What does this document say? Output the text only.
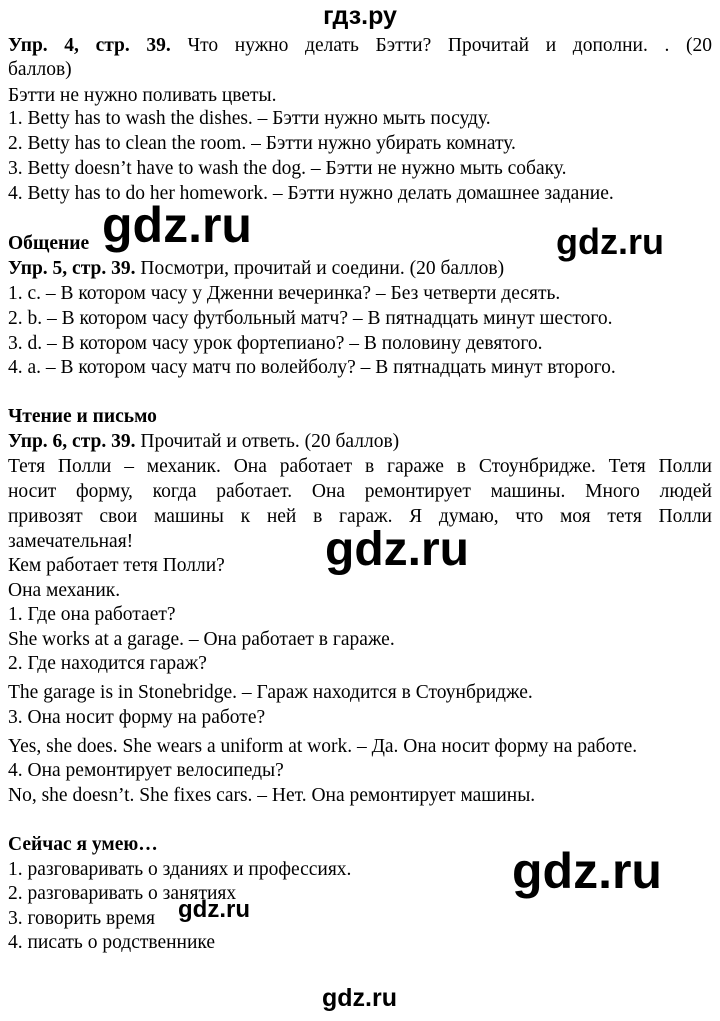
гдз.ру
Упр. 4, стр. 39. Что нужно делать Бэтти? Прочитай и дополни. . (20
баллов)
Бэтти не нужно поливать цветы.
1. Betty has to wash the dishes. – Бэтти нужно мыть посуду.
2. Betty has to clean the room. – Бэтти нужно убирать комнату.
3. Betty doesn’t have to wash the dog. – Бэтти не нужно мыть собаку.
4. Betty has to do her homework. – Бэтти нужно делать домашнее задание.
Общение
Упр. 5, стр. 39. Посмотри, прочитай и соедини. (20 баллов)
1. c. – В котором часу у Дженни вечеринка? – Без четверти десять.
2. b. – В котором часу футбольный матч? – В пятнадцать минут шестого.
3. d. – В котором часу урок фортепиано? – В половину девятого.
4. a. – В котором часу матч по волейболу? – В пятнадцать минут второго.
Чтение и письмо
Упр. 6, стр. 39. Прочитай и ответь. (20 баллов)
Тетя Полли – механик. Она работает в гараже в Стоунбридже. Тетя Полли
носит форму, когда работает. Она ремонтирует машины. Много людей
привозят свои машины к ней в гараж. Я думаю, что моя тетя Полли
замечательная!
Кем работает тетя Полли?
Она механик.
1. Где она работает?
She works at a garage. – Она работает в гараже.
2. Где находится гараж?
The garage is in Stonebridge. – Гараж находится в Стоунбридже.
3. Она носит форму на работе?
Yes, she does. She wears a uniform at work. – Да. Она носит форму на работе.
4. Она ремонтирует велосипеды?
No, she doesn’t. She fixes cars. – Нет. Она ремонтирует машины.
Сейчас я умею…
1. разговаривать о зданиях и профессиях.
2. разговаривать о занятиях
3. говорить время
4. писать о родственнике
gdz.ru	gdz.ru
gdz.ru
gdz.ru
gdz.ru
gdz.ru
